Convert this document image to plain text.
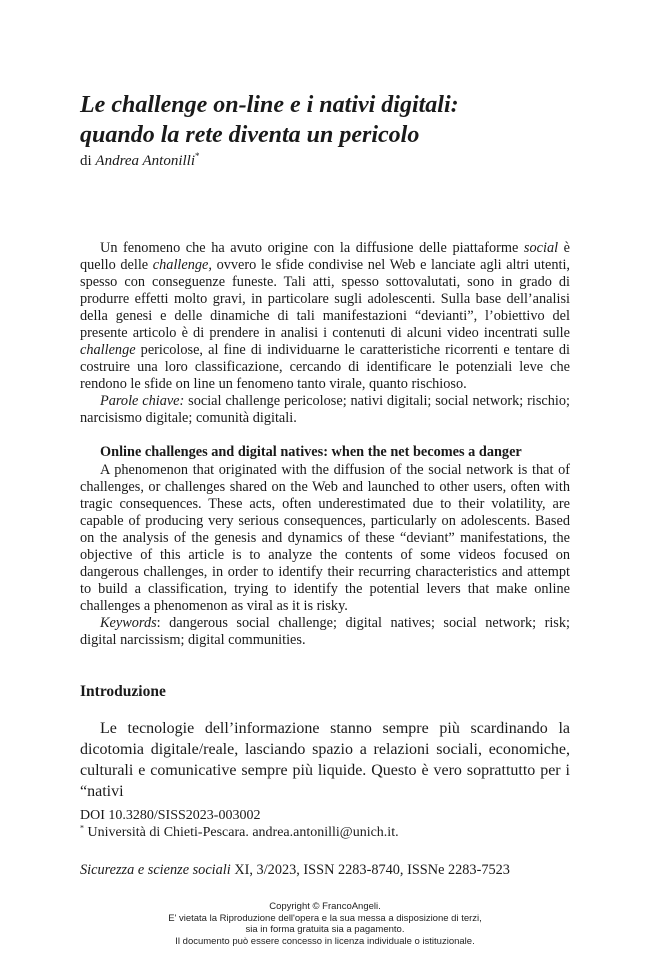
Le challenge on-line e i nativi digitali:
quando la rete diventa un pericolo
di Andrea Antonilli*

Un fenomeno che ha avuto origine con la diffusione delle piattaforme social è quello delle challenge, ovvero le sfide condivise nel Web e lanciate agli altri utenti, spesso con conseguenze funeste. Tali atti, spesso sottovalutati, sono in grado di produrre effetti molto gravi, in particolare sugli adolescenti. Sulla base dell’analisi della genesi e delle dinamiche di tali manifestazioni “devianti”, l’obiettivo del presente articolo è di prendere in analisi i contenuti di alcuni video incentrati sulle challenge pericolose, al fine di individuarne le caratteristiche ricorrenti e tentare di costruire una loro classificazione, cercando di identificare le potenziali leve che rendono le sfide on line un fenomeno tanto virale, quanto rischioso.

Parole chiave: social challenge pericolose; nativi digitali; social network; rischio; narcisismo digitale; comunità digitali.

Online challenges and digital natives: when the net becomes a danger

A phenomenon that originated with the diffusion of the social network is that of challenges, or challenges shared on the Web and launched to other users, often with tragic consequences. These acts, often underestimated due to their volatility, are capable of producing very serious consequences, particularly on adolescents. Based on the analysis of the genesis and dynamics of these “deviant” manifestations, the objective of this article is to analyze the contents of some videos focused on dangerous challenges, in order to identify their recurring characteristics and attempt to build a classification, trying to identify the potential levers that make online challenges a phenomenon as viral as it is risky.

Keywords: dangerous social challenge; digital natives; social network; risk; digital narcissism; digital communities.

Introduzione

Le tecnologie dell’informazione stanno sempre più scardinando la dicotomia digitale/reale, lasciando spazio a relazioni sociali, economiche, culturali e comunicative sempre più liquide. Questo è vero soprattutto per i “nativi

DOI 10.3280/SISS2023-003002
* Università di Chieti-Pescara. andrea.antonilli@unich.it.
Sicurezza e scienze sociali XI, 3/2023, ISSN 2283-8740, ISSNe 2283-7523
Copyright © FrancoAngeli.
E' vietata la Riproduzione dell'opera e la sua messa a disposizione di terzi,
sia in forma gratuita sia a pagamento.
Il documento può essere concesso in licenza individuale o istituzionale.
